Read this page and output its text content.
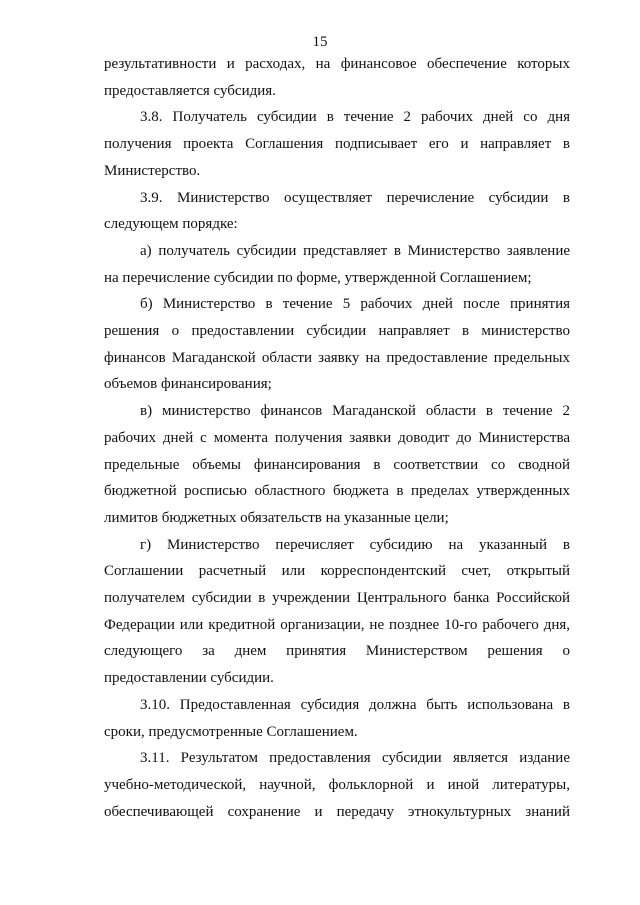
15

результативности и расходах, на финансовое обеспечение которых предоставляется субсидия.

3.8. Получатель субсидии в течение 2 рабочих дней со дня получения проекта Соглашения подписывает его и направляет в Министерство.

3.9. Министерство осуществляет перечисление субсидии в следующем порядке:

а) получатель субсидии представляет в Министерство заявление на перечисление субсидии по форме, утвержденной Соглашением;

б) Министерство в течение 5 рабочих дней после принятия решения о предоставлении субсидии направляет в министерство финансов Магаданской области заявку на предоставление предельных объемов финансирования;

в) министерство финансов Магаданской области в течение 2 рабочих дней с момента получения заявки доводит до Министерства предельные объемы финансирования в соответствии со сводной бюджетной росписью областного бюджета в пределах утвержденных лимитов бюджетных обязательств на указанные цели;

г) Министерство перечисляет субсидию на указанный в Соглашении расчетный или корреспондентский счет, открытый получателем субсидии в учреждении Центрального банка Российской Федерации или кредитной организации, не позднее 10-го рабочего дня, следующего за днем принятия Министерством решения о предоставлении субсидии.

3.10. Предоставленная субсидия должна быть использована в сроки, предусмотренные Соглашением.

3.11. Результатом предоставления субсидии является издание учебно-методической, научной, фольклорной и иной литературы, обеспечивающей сохранение и передачу этнокультурных знаний
